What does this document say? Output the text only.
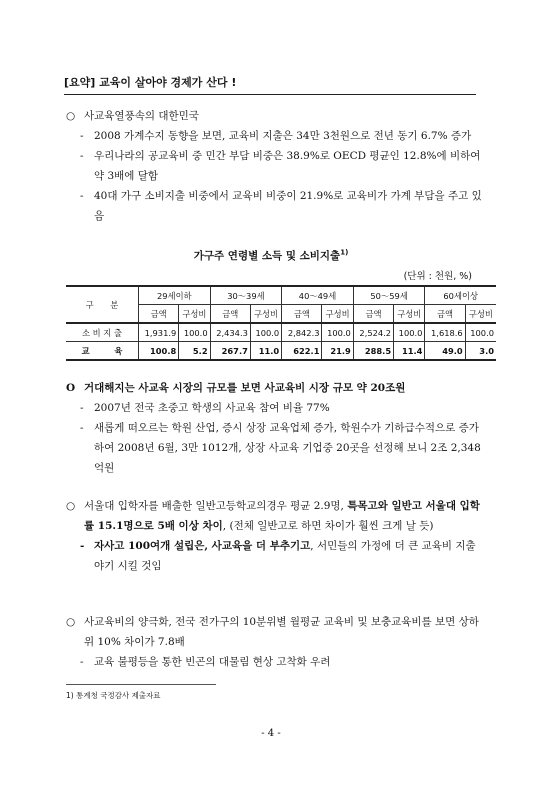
[요약] 교육이 살아야 경제가 산다 !
○ 사교육열풍속의 대한민국
- 2008 가계수지 동향을 보면, 교육비 지출은 34만 3천원으로 전년 동기 6.7% 증가
- 우리나라의 공교육비 중 민간 부담 비중은 38.9%로 OECD 평균인 12.8%에 비하여 약 3배에 달함
- 40대 가구 소비지출 비중에서 교육비 비중이 21.9%로 교육비가 가계 부담을 주고 있음
가구주 연령별 소득 및 소비지출$^{1)}$
(단위 : 천원, %)
구　　분	29세이하		30～39세		40～49세		50～59세		60세이상	
	금액	구성비	금액	구성비	금액	구성비	금액	구성비	금액	구성비
소 비 지 출	1,931.9	100.0	2,434.3	100.0	2,842.3	100.0	2,524.2	100.0	1,618.6	100.0
교　　　육	100.8	5.2	267.7	11.0	622.1	21.9	288.5	11.4	49.0	3.0
O 거대해지는 사교육 시장의 규모를 보면 사교육비 시장 규모 약 20조원
- 2007년 전국 초중고 학생의 사교육 참여 비율 77%
- 새롭게 떠오르는 학원 산업, 증시 상장 교육업체 증가, 학원수가 기하급수적으로 증가하여 2008년 6월, 3만 1012개, 상장 사교육 기업중 20곳을 선정해 보니 2조 2,348억원
○ 서울대 입학자를 배출한 일반고등학교의경우 평균 2.9명, 특목고와 일반고 서울대 입학률 15.1명으로 5배 이상 차이, (전체 일반고로 하면 차이가 훨씬 크게 날 듯)
- 자사고 100여개 설립은, 사교육을 더 부추기고, 서민들의 가정에 더 큰 교육비 지출 야기 시킬 것임
○ 사교육비의 양극화, 전국 전가구의 10분위별 월평균 교육비 및 보충교육비를 보면 상하위 10% 차이가 7.8배
- 교육 불평등을 통한 빈곤의 대물림 현상 고착화 우려
1) 통계청 국정감사 제출자료
- 4 -
